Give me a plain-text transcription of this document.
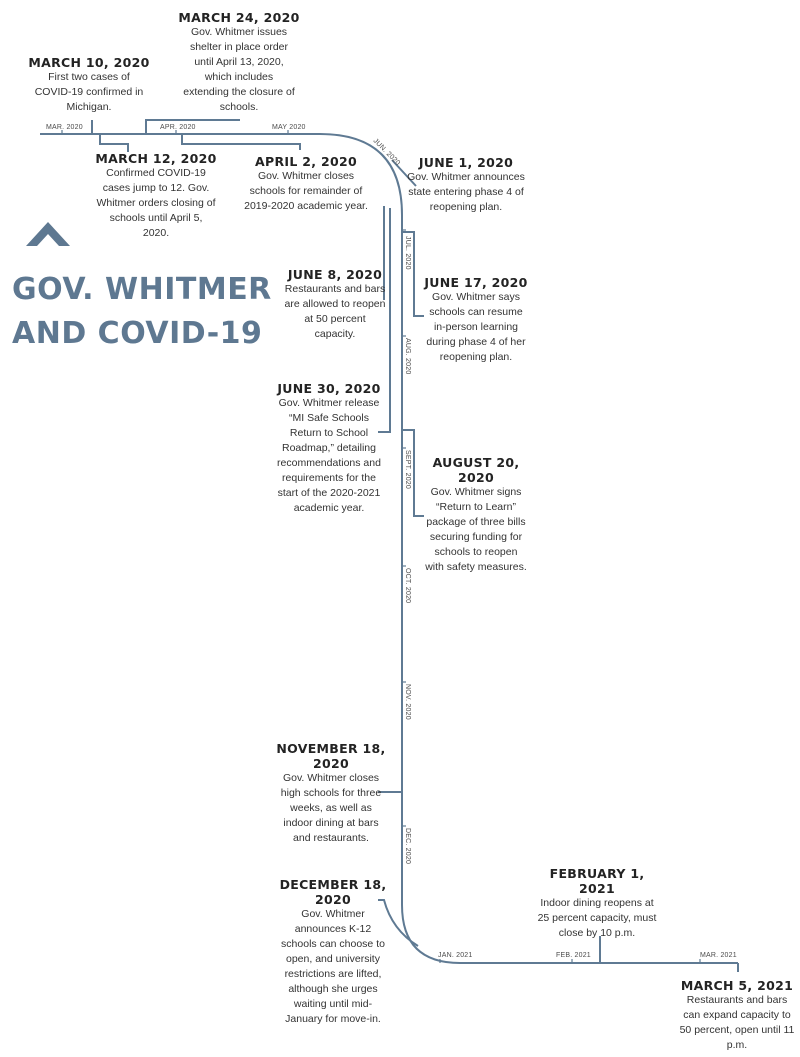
MAR. 2020	APR. 2020	MAY 2020
JUN. 2020
JUL. 2020
AUG. 2020
SEPT. 2020
OCT. 2020
NOV. 2020
DEC. 2020
JAN. 2021	FEB. 2021	MAR. 2021
GOV. WHITMER
AND COVID-19
MARCH 10, 2020
First two cases of COVID-19 confirmed in Michigan.
MARCH 24, 2020
Gov. Whitmer issues shelter in place order until April 13, 2020, which includes extending the closure of schools.
MARCH 12, 2020
Confirmed COVID-19 cases jump to 12. Gov. Whitmer orders closing of schools until April 5, 2020.
APRIL 2, 2020
Gov. Whitmer closes schools for remainder of 2019-2020 academic year.
JUNE 1, 2020
Gov. Whitmer announces state entering phase 4 of reopening plan.
JUNE 8, 2020
Restaurants and bars are allowed to reopen at 50 percent capacity.
JUNE 17, 2020
Gov. Whitmer says schools can resume in-person learning during phase 4 of her reopening plan.
JUNE 30, 2020
Gov. Whitmer release “MI Safe Schools Return to School Roadmap,” detailing recommendations and requirements for the start of the 2020-2021 academic year.
AUGUST 20, 2020
Gov. Whitmer signs “Return to Learn” package of three bills securing funding for schools to reopen with safety measures.
NOVEMBER 18, 2020
Gov. Whitmer closes high schools for three weeks, as well as indoor dining at bars and restaurants.
DECEMBER 18, 2020
Gov. Whitmer announces K-12 schools can choose to open, and university restrictions are lifted, although she urges waiting until mid-January for move-in.
FEBRUARY 1, 2021
Indoor dining reopens at 25 percent capacity, must close by 10 p.m.
MARCH 5, 2021
Restaurants and bars can expand capacity to 50 percent, open until 11 p.m.
